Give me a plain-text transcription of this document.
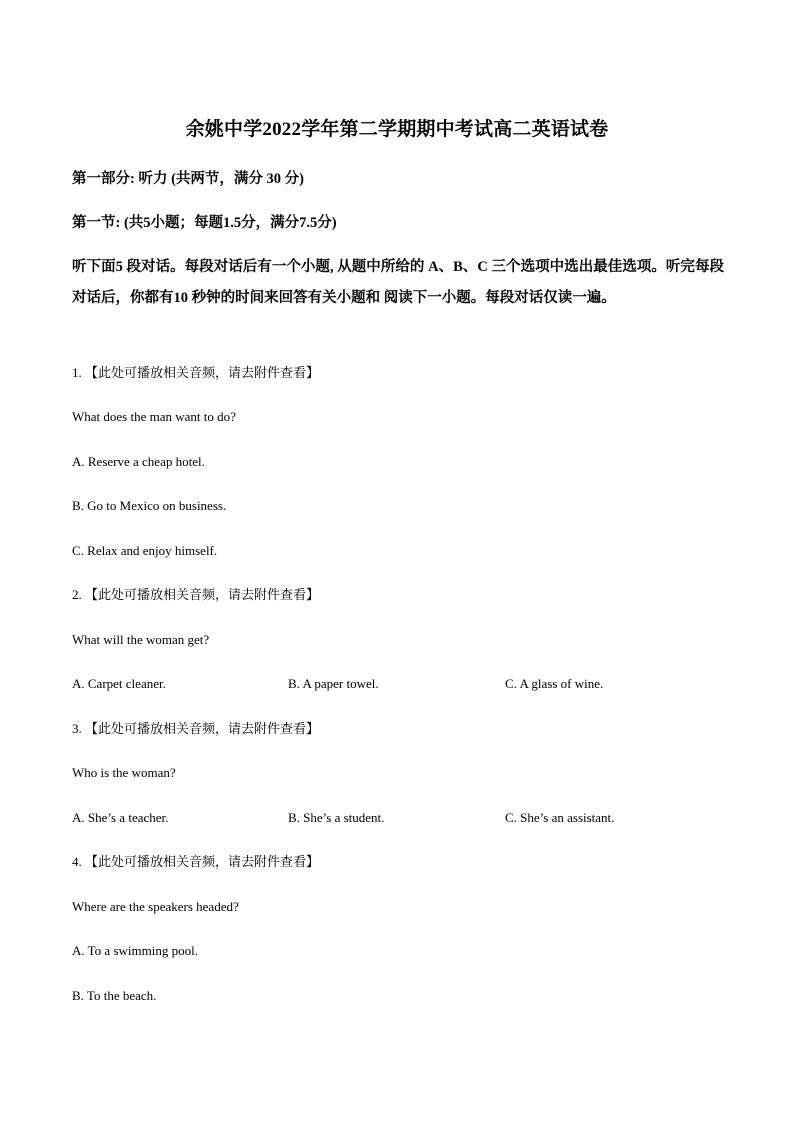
余姚中学2022学年第二学期期中考试高二英语试卷
第一部分: 听力 (共两节，满分 30 分)
第一节: (共5小题；每题1.5分，满分7.5分)
听下面5 段对话。每段对话后有一个小题, 从题中所给的 A、B、C 三个选项中选出最佳选项。听完每段对话后，你都有10 秒钟的时间来回答有关小题和 阅读下一小题。每段对话仅读一遍。
1. 【此处可播放相关音频，请去附件查看】
What does the man want to do?
A. Reserve a cheap hotel.
B. Go to Mexico on business.
C. Relax and enjoy himself.
2. 【此处可播放相关音频，请去附件查看】
What will the woman get?
A. Carpet cleaner.	B. A paper towel.	C. A glass of wine.
3. 【此处可播放相关音频，请去附件查看】
Who is the woman?
A. She’s a teacher.	B. She’s a student.	C. She’s an assistant.
4. 【此处可播放相关音频，请去附件查看】
Where are the speakers headed?
A. To a swimming pool.
B. To the beach.
